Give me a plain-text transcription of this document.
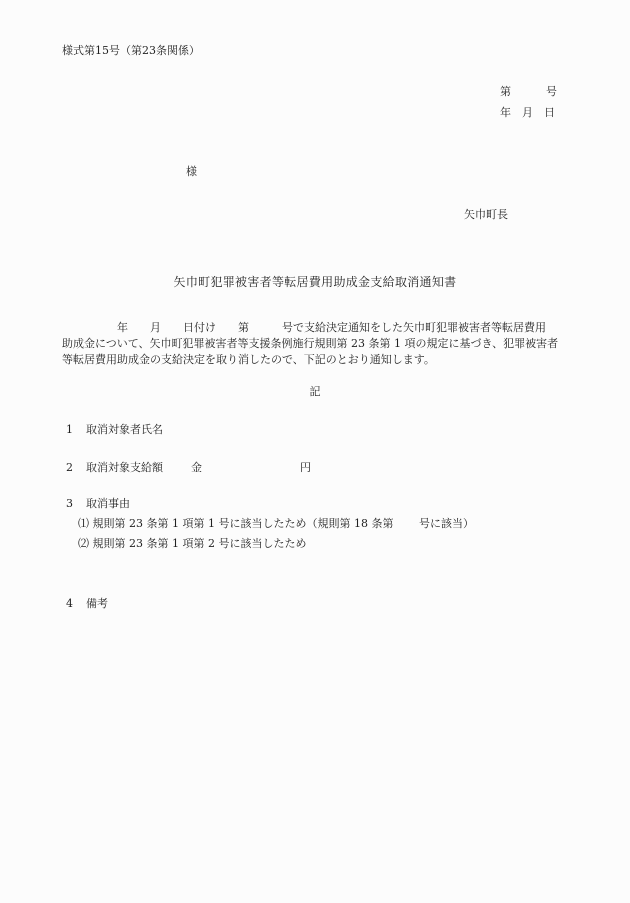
様式第15号（第23条関係）
第	号
年 月 日
様
矢巾町長
矢巾町犯罪被害者等転居費用助成金支給取消通知書
　　　　　年　　月　　日付け　　第　　　号で支給決定通知をした矢巾町犯罪被害者等転居費用
助成金について、矢巾町犯罪被害者等支援条例施行規則第 23 条第 1 項の規定に基づき、犯罪被害者
等転居費用助成金の支給決定を取り消したので、下記のとおり通知します。
記
1 取消対象者氏名
2 取消対象支給額	金	円
3 取消事由
⑴ 規則第 23 条第 1 項第 1 号に該当したため（規則第 18 条第　　 号に該当）
⑵ 規則第 23 条第 1 項第 2 号に該当したため
4 備考
